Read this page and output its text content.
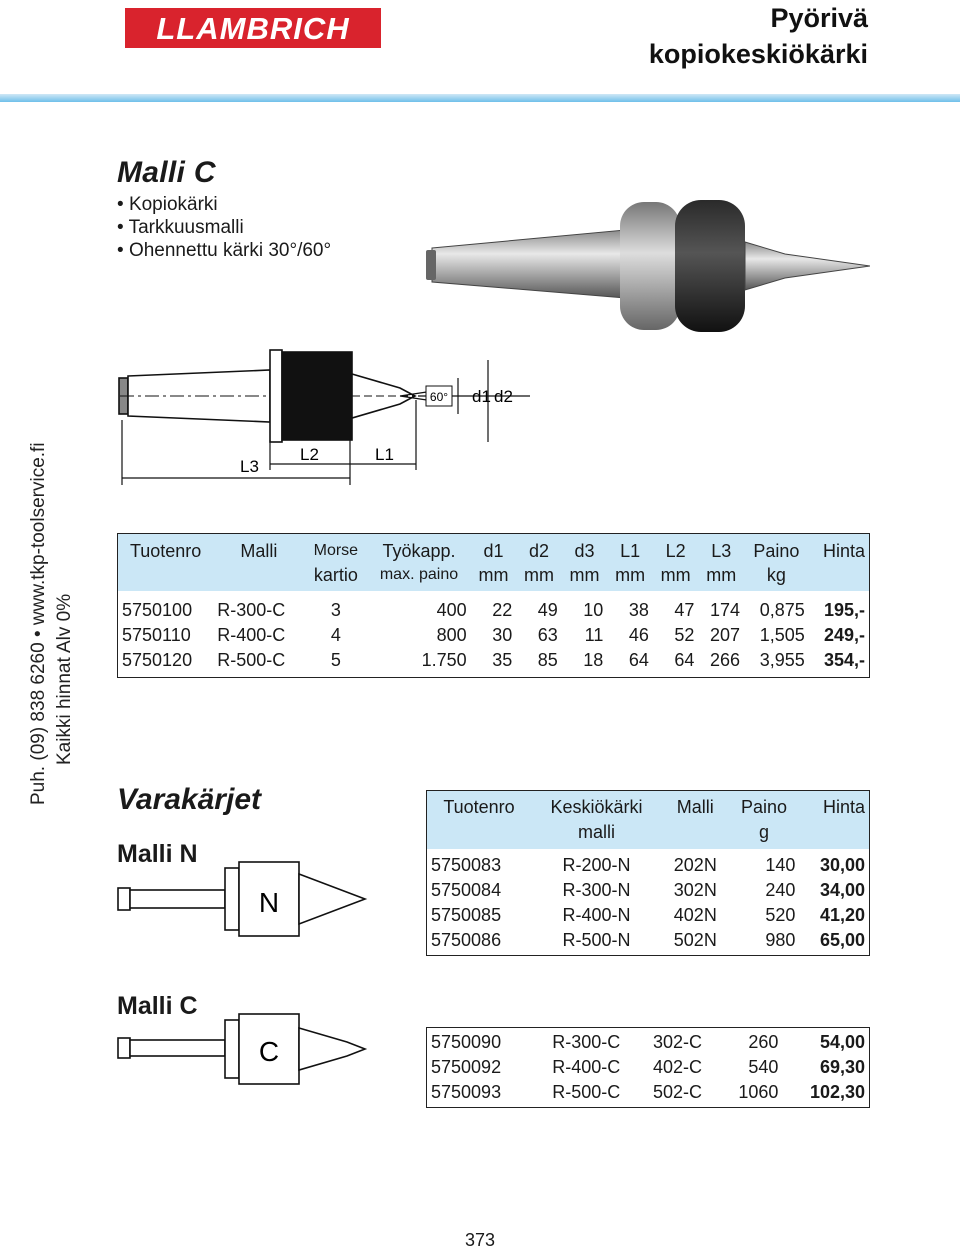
LLAMBRICH	Pyörivä
kopiokeskiökärki
Puh. (09) 838 6260 • www.tkp-toolservice.fi Kaikki hinnat Alv 0%
Malli C
• Kopiokärki
• Tarkkuusmalli
• Ohennettu kärki 30°/60°
60° d1 d2
L3
L2	L1
Tuotenro	Malli	Morse	Työkapp.	d1	d2	d3	L1	L2	L3	Paino	Hinta
		kartio	max. paino	mm	mm	mm	mm	mm	mm	kg	
5750100	R-300-C	3	400	22	49	10	38	47	174	0,875	195,-
5750110	R-400-C	4	800	30	63	11	46	52	207	1,505	249,-
5750120	R-500-C	5	1.750	35	85	18	64	64	266	3,955	354,-
Varakärjet
Malli N
Malli C
N
C
Tuotenro	Keskiökärki	Malli	Paino	Hinta
	malli		g	
5750083	R-200-N	202N	140	30,00
5750084	R-300-N	302N	240	34,00
5750085	R-400-N	402N	520	41,20
5750086	R-500-N	502N	980	65,00
5750090	R-300-C	302-C	260	54,00
5750092	R-400-C	402-C	540	69,30
5750093	R-500-C	502-C	1060	102,30
373
